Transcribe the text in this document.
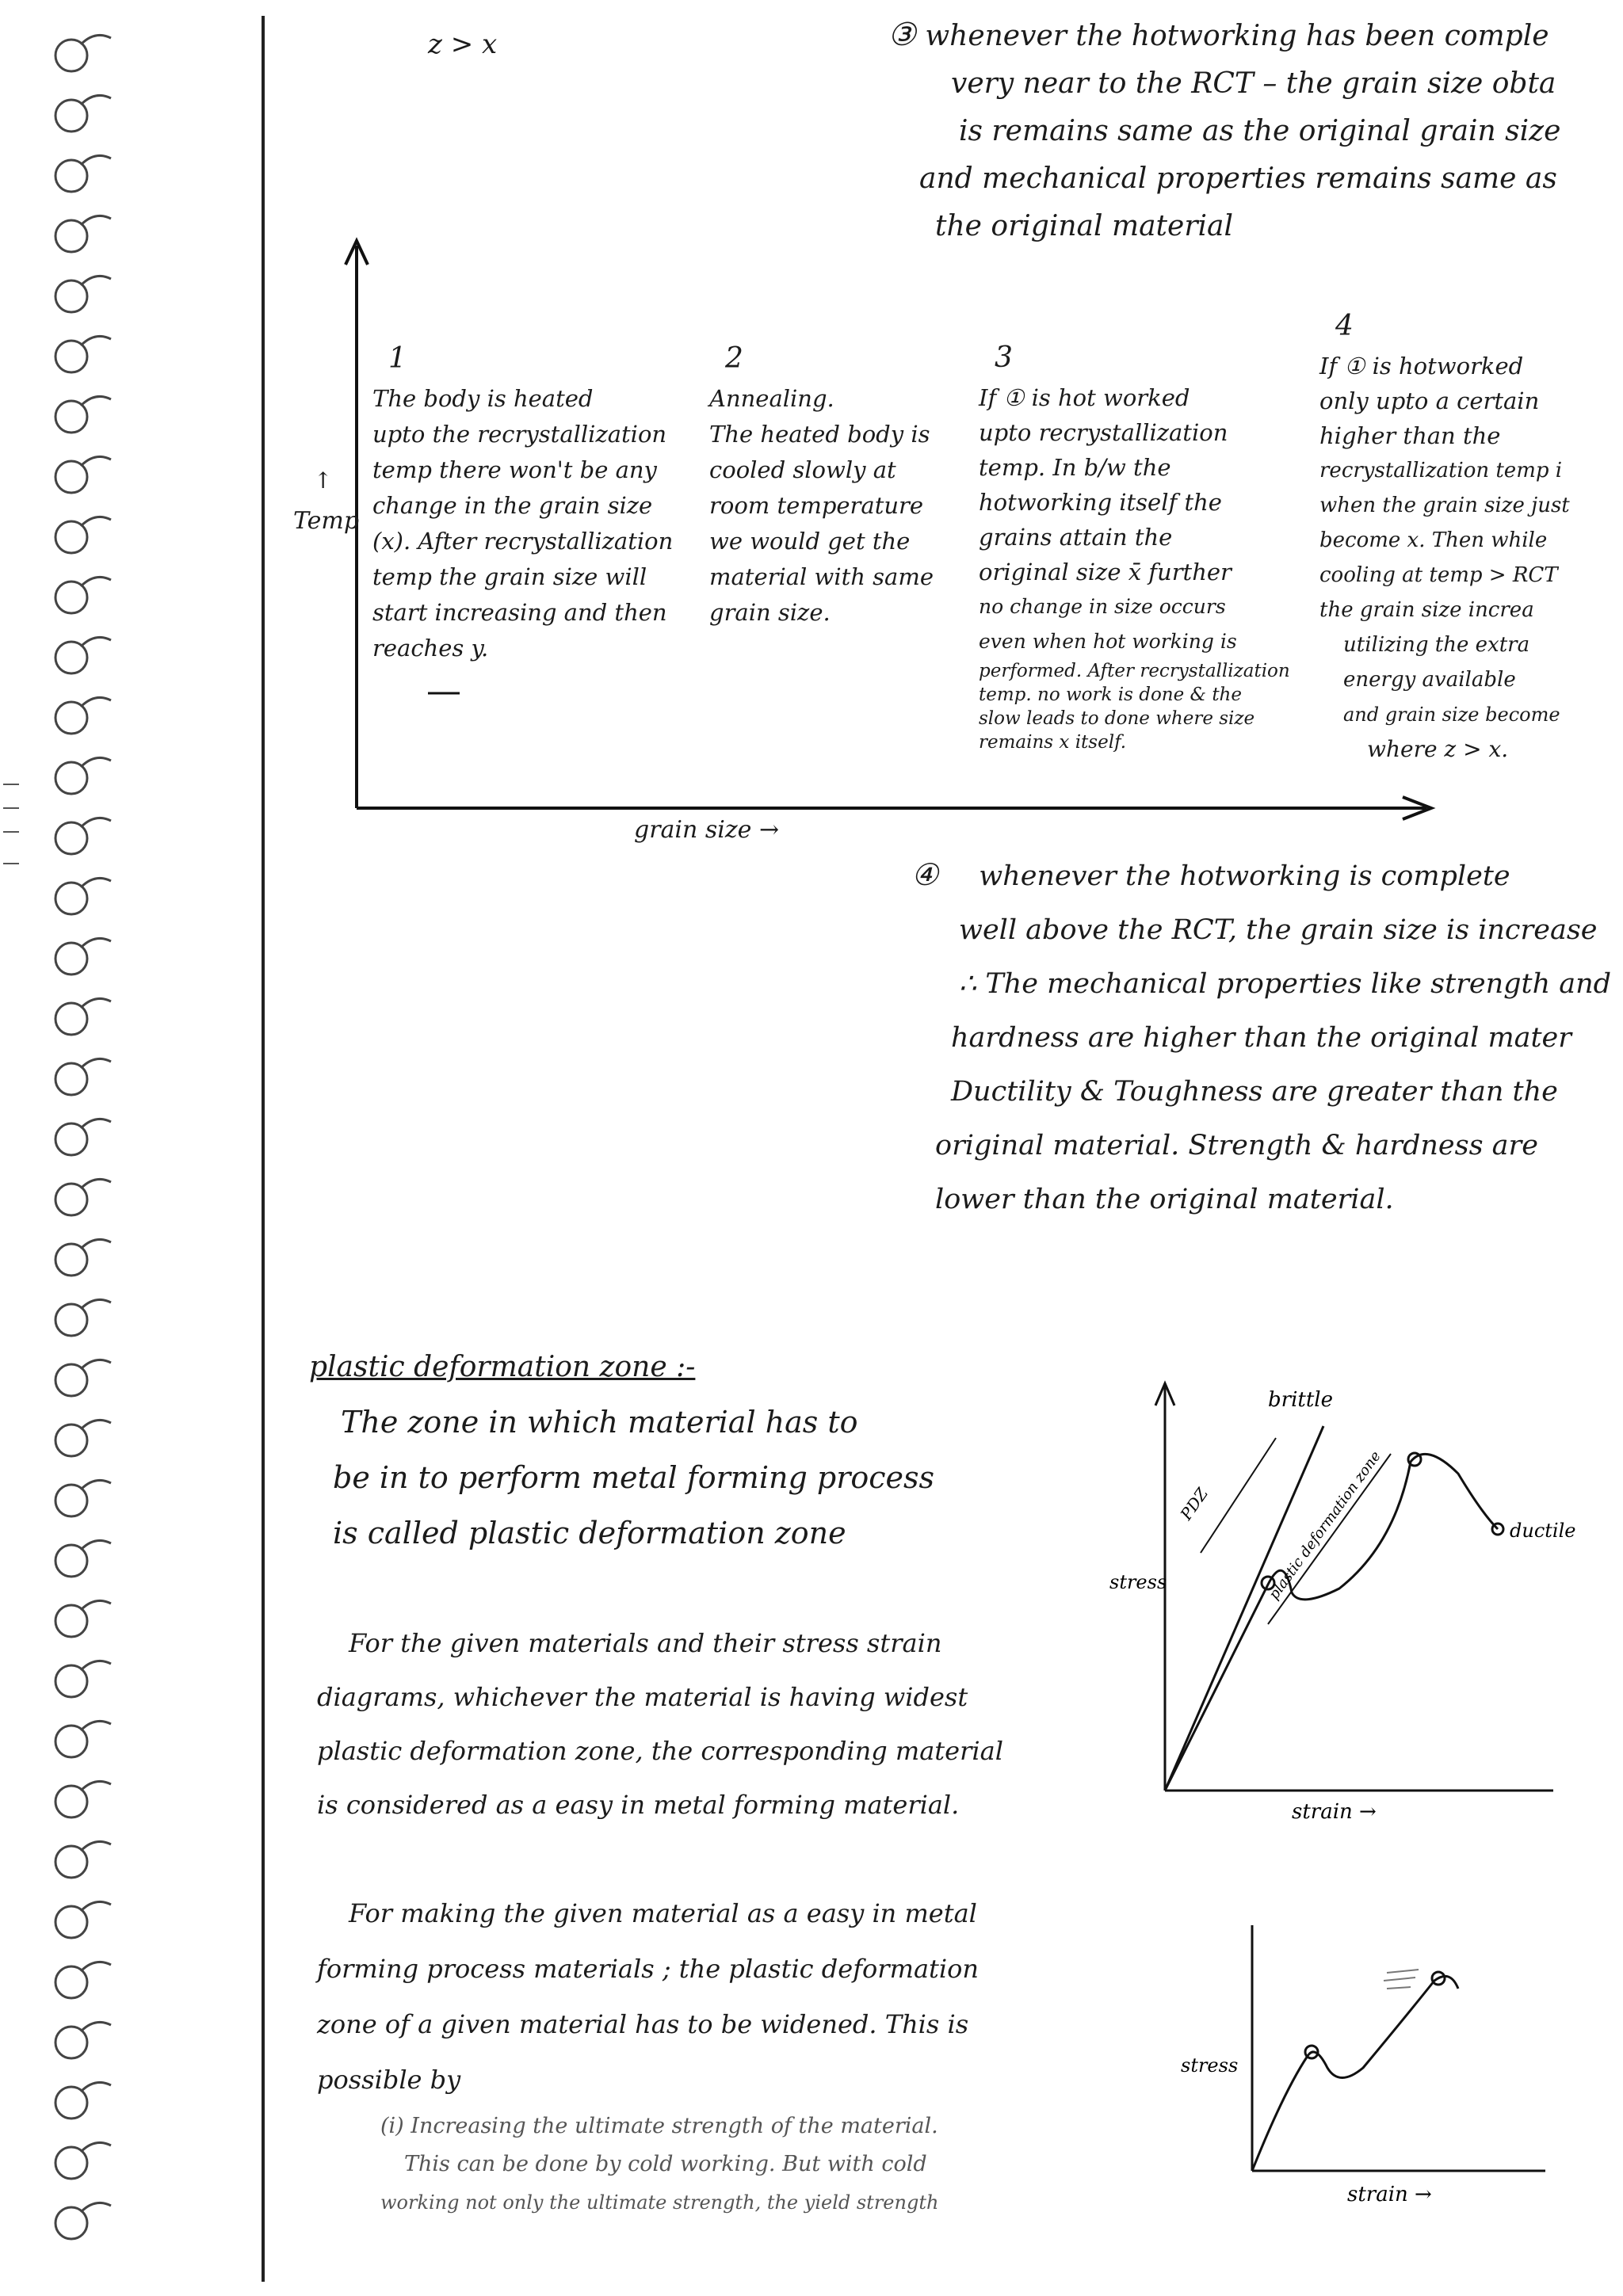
z > x	③ whenever the hotworking has been comple
very near to the RCT – the grain size obta
is remains same as the original grain size
and mechanical properties remains same as
the original material
↑
Temp
grain size →
1
The body is heated
upto the recrystallization
temp there won't be any
change in the grain size
(x). After recrystallization
temp the grain size will
start increasing and then
reaches y.
2
Annealing.
The heated body is
cooled slowly at
room temperature
we would get the
material with same
grain size.
3
If ① is hot worked
upto recrystallization
temp. In b/w the
hotworking itself the
grains attain the
original size x̄ further
no change in size occurs
even when hot working is
performed. After recrystallization
temp. no work is done & the
slow leads to done where size
remains x itself.
4
If ① is hotworked
only upto a certain
higher than the
recrystallization temp i
when the grain size just
become x. Then while
cooling at temp > RCT
the grain size increa
utilizing the extra
energy available
and grain size become
where z > x.
④ whenever the hotworking is complete
well above the RCT, the grain size is increase
∴ The mechanical properties like strength and
hardness are higher than the original mater
Ductility & Toughness are greater than the
original material. Strength & hardness are
lower than the original material.
plastic deformation zone :-
The zone in which material has to
be in to perform metal forming process
is called plastic deformation zone
For the given materials and their stress strain
diagrams, whichever the material is having widest
plastic deformation zone, the corresponding material
is considered as a easy in metal forming material.
For making the given material as a easy in metal
forming process materials ; the plastic deformation
zone of a given material has to be widened. This is
possible by
(i) Increasing the ultimate strength of the material.
This can be done by cold working. But with cold
working not only the ultimate strength, the yield strength
PDZ	plastic deformation zone
brittle
ductile
stress
strain →
stress
strain →
